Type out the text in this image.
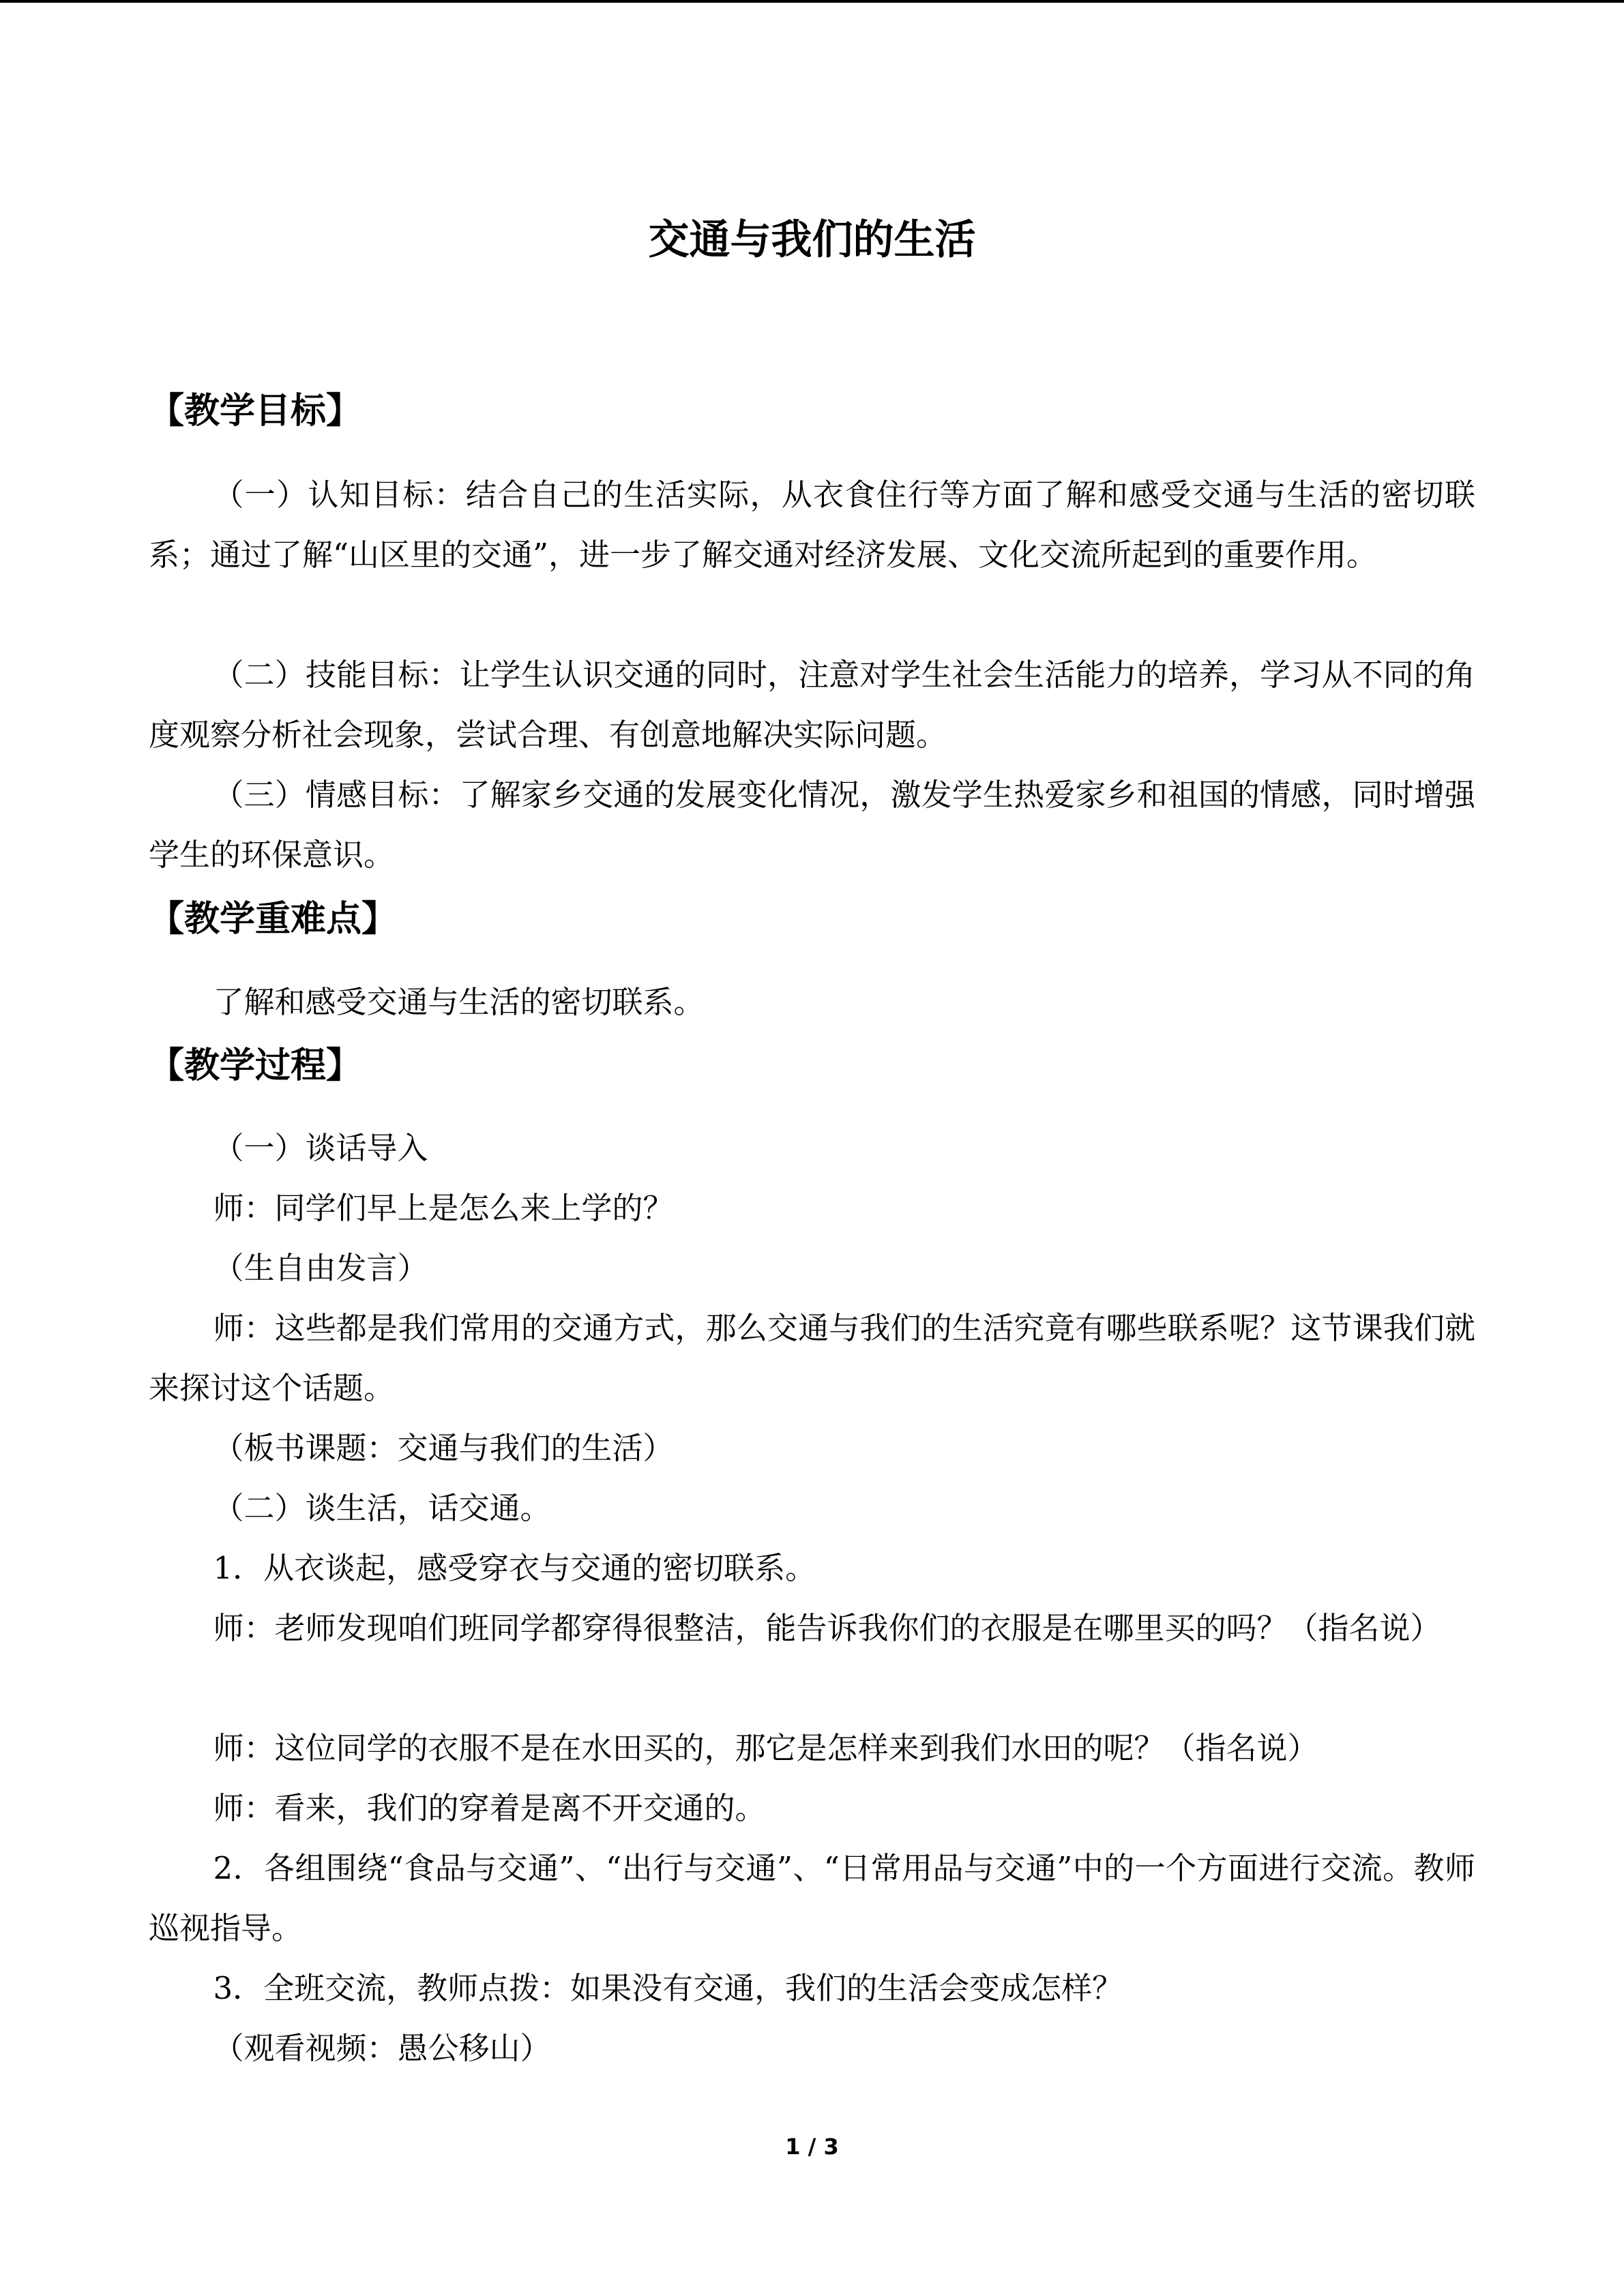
交通与我们的生活
【教学目标】

（一）认知目标：结合自己的生活实际，从衣食住行等方面了解和感受交通与生活的密切联系；通过了解“山区里的交通”，进一步了解交通对经济发展、文化交流所起到的重要作用。

（二）技能目标：让学生认识交通的同时，注意对学生社会生活能力的培养，学习从不同的角度观察分析社会现象，尝试合理、有创意地解决实际问题。

（三）情感目标：了解家乡交通的发展变化情况，激发学生热爱家乡和祖国的情感，同时增强学生的环保意识。

【教学重难点】

了解和感受交通与生活的密切联系。

【教学过程】

（一）谈话导入

师：同学们早上是怎么来上学的？

（生自由发言）

师：这些都是我们常用的交通方式，那么交通与我们的生活究竟有哪些联系呢？这节课我们就来探讨这个话题。

（板书课题：交通与我们的生活）

（二）谈生活，话交通。

1．从衣谈起，感受穿衣与交通的密切联系。

师：老师发现咱们班同学都穿得很整洁，能告诉我你们的衣服是在哪里买的吗？（指名说）

师：这位同学的衣服不是在水田买的，那它是怎样来到我们水田的呢？（指名说）

师：看来，我们的穿着是离不开交通的。

2．各组围绕“食品与交通”、“出行与交通”、“日常用品与交通”中的一个方面进行交流。教师巡视指导。

3．全班交流，教师点拨：如果没有交通，我们的生活会变成怎样？

（观看视频：愚公移山）

1 / 3
